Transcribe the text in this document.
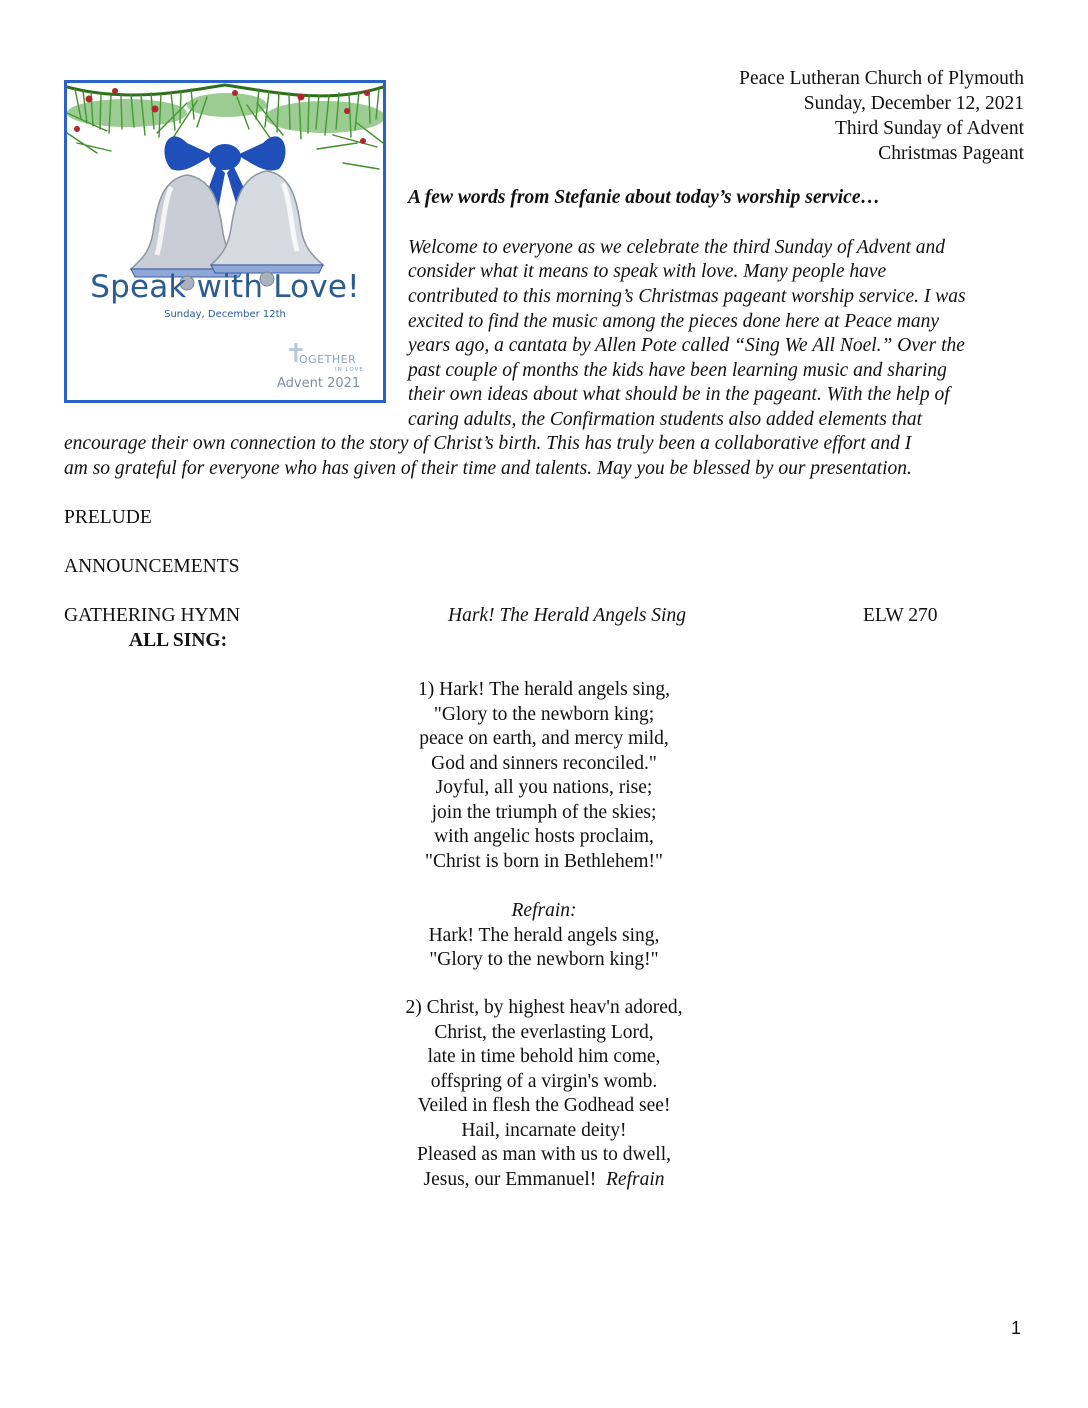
Peace Lutheran Church of Plymouth
Sunday, December 12, 2021
Third Sunday of Advent
Christmas Pageant
Speak with Love!
Sunday, December 12th
✝
OGETHER
IN LOVE
Advent 2021
A few words from Stefanie about today’s worship service…
Welcome to everyone as we celebrate the third Sunday of Advent and
consider what it means to speak with love. Many people have
contributed to this morning’s Christmas pageant worship service. I was
excited to find the music among the pieces done here at Peace many
years ago, a cantata by Allen Pote called “Sing We All Noel.” Over the
past couple of months the kids have been learning music and sharing
their own ideas about what should be in the pageant. With the help of
caring adults, the Confirmation students also added elements that
encourage their own connection to the story of Christ’s birth. This has truly been a collaborative effort and I
am so grateful for everyone who has given of their time and talents. May you be blessed by our presentation.
PRELUDE
ANNOUNCEMENTS
GATHERING HYMN	Hark! The Herald Angels Sing	ELW 270
ALL SING:
1) Hark! The herald angels sing,
"Glory to the newborn king;
peace on earth, and mercy mild,
God and sinners reconciled."
Joyful, all you nations, rise;
join the triumph of the skies;
with angelic hosts proclaim,
"Christ is born in Bethlehem!"
Refrain:
Hark! The herald angels sing,
"Glory to the newborn king!"
2) Christ, by highest heav'n adored,
Christ, the everlasting Lord,
late in time behold him come,
offspring of a virgin's womb.
Veiled in flesh the Godhead see!
Hail, incarnate deity!
Pleased as man with us to dwell,
Jesus, our Emmanuel! Refrain
1
